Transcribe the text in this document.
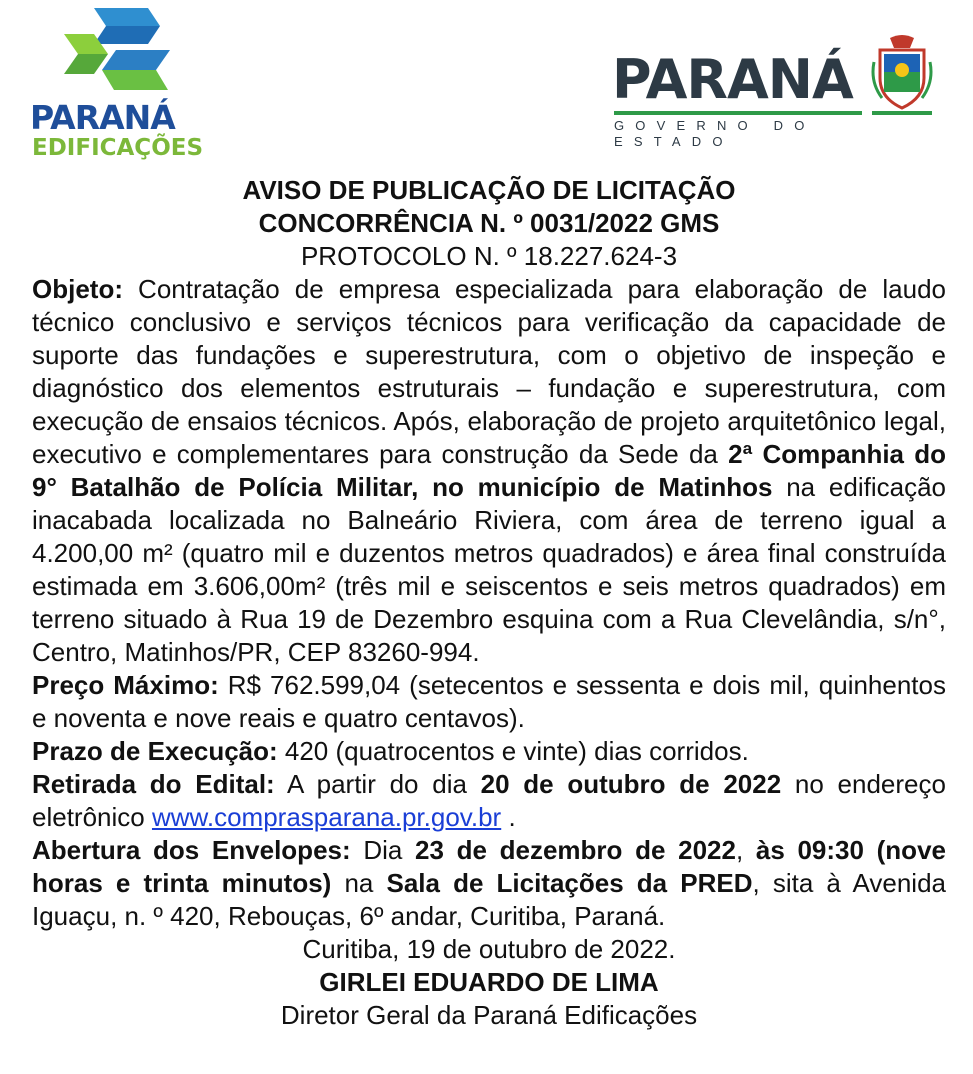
PARANÁ
EDIFICAÇÕES
PARANÁ
GOVERNO DO ESTADO

AVISO DE PUBLICAÇÃO DE LICITAÇÃO

CONCORRÊNCIA N. º 0031/2022 GMS

PROTOCOLO N. º 18.227.624-3

Objeto: Contratação de empresa especializada para elaboração de laudo técnico conclusivo e serviços técnicos para verificação da capacidade de suporte das fundações e superestrutura, com o objetivo de inspeção e diagnóstico dos elementos estruturais – fundação e superestrutura, com execução de ensaios técnicos. Após, elaboração de projeto arquitetônico legal, executivo e complementares para construção da Sede da 2ª Companhia do 9° Batalhão de Polícia Militar, no município de Matinhos na edificação inacabada localizada no Balneário Riviera, com área de terreno igual a 4.200,00 m² (quatro mil e duzentos metros quadrados) e área final construída estimada em 3.606,00m² (três mil e seiscentos e seis metros quadrados) em terreno situado à Rua 19 de Dezembro esquina com a Rua Clevelândia, s/n°, Centro, Matinhos/PR, CEP 83260-994.

Preço Máximo: R$ 762.599,04 (setecentos e sessenta e dois mil, quinhentos e noventa e nove reais e quatro centavos).

Prazo de Execução: 420 (quatrocentos e vinte) dias corridos.

Retirada do Edital: A partir do dia 20 de outubro de 2022 no endereço eletrônico www.comprasparana.pr.gov.br .

Abertura dos Envelopes: Dia 23 de dezembro de 2022, às 09:30 (nove horas e trinta minutos) na Sala de Licitações da PRED, sita à Avenida Iguaçu, n. º 420, Rebouças, 6º andar, Curitiba, Paraná.

Curitiba, 19 de outubro de 2022.

GIRLEI EDUARDO DE LIMA

Diretor Geral da Paraná Edificações
